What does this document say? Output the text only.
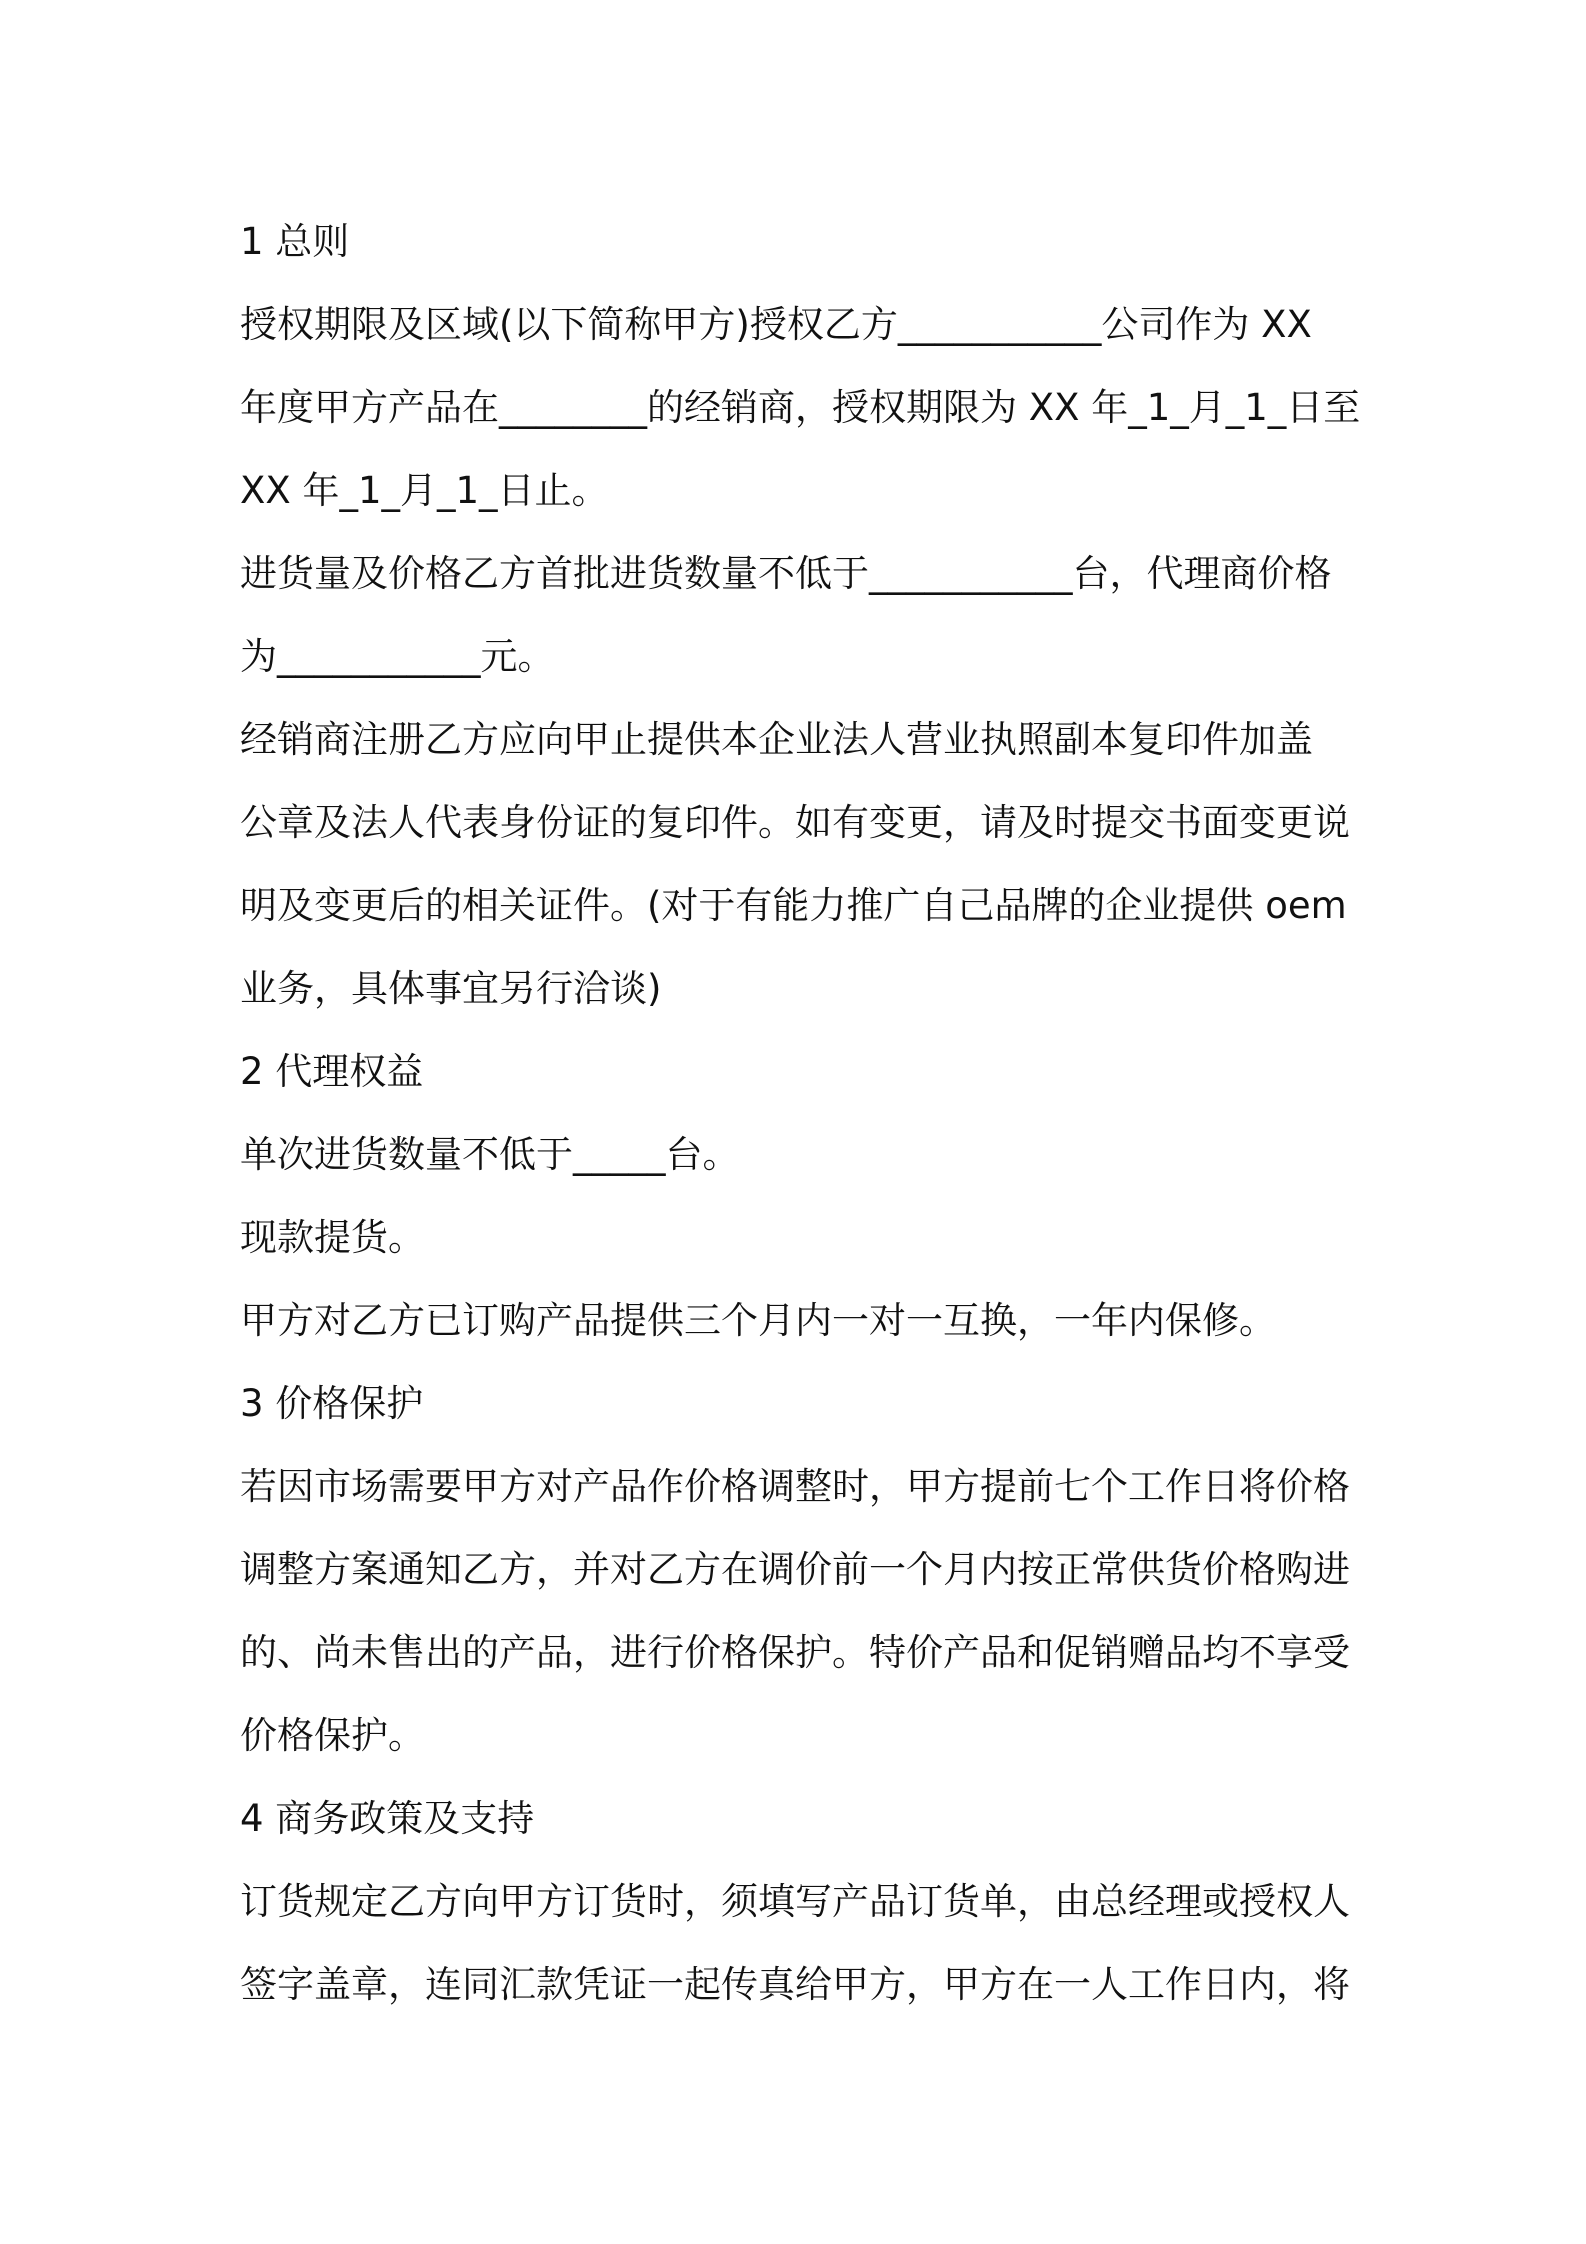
1 总则

授权期限及区域(以下简称甲方)授权乙方___________公司作为 XX

年度甲方产品在________的经销商，授权期限为 XX 年_1_月_1_日至

XX 年_1_月_1_日止。

进货量及价格乙方首批进货数量不低于___________台，代理商价格

为___________元。

经销商注册乙方应向甲止提供本企业法人营业执照副本复印件加盖

公章及法人代表身份证的复印件。如有变更，请及时提交书面变更说

明及变更后的相关证件。(对于有能力推广自己品牌的企业提供 oem

业务，具体事宜另行洽谈)

2 代理权益

单次进货数量不低于_____台。

现款提货。

甲方对乙方已订购产品提供三个月内一对一互换，一年内保修。

3 价格保护

若因市场需要甲方对产品作价格调整时，甲方提前七个工作日将价格

调整方案通知乙方，并对乙方在调价前一个月内按正常供货价格购进

的、尚未售出的产品，进行价格保护。特价产品和促销赠品均不享受

价格保护。

4 商务政策及支持

订货规定乙方向甲方订货时，须填写产品订货单，由总经理或授权人

签字盖章，连同汇款凭证一起传真给甲方，甲方在一人工作日内，将
